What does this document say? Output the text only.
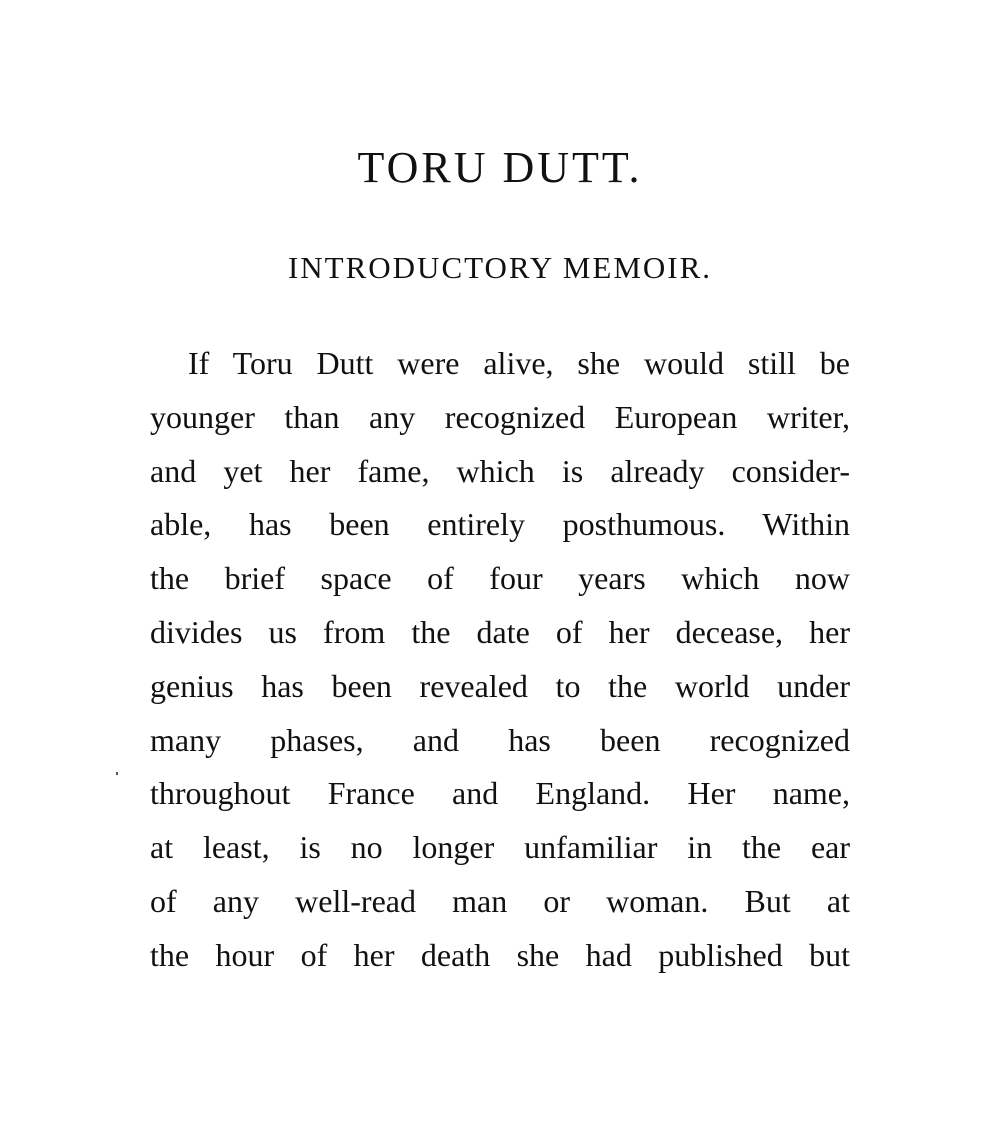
TORU DUTT.
INTRODUCTORY MEMOIR.
If Toru Dutt were alive, she would still be
younger than any recognized European writer,
and yet her fame, which is already consider-
able, has been entirely posthumous. Within
the brief space of four years which now
divides us from the date of her decease, her
genius has been revealed to the world under
many phases, and has been recognized
throughout France and England. Her name,
at least, is no longer unfamiliar in the ear
of any well-read man or woman. But at
the hour of her death she had published but
